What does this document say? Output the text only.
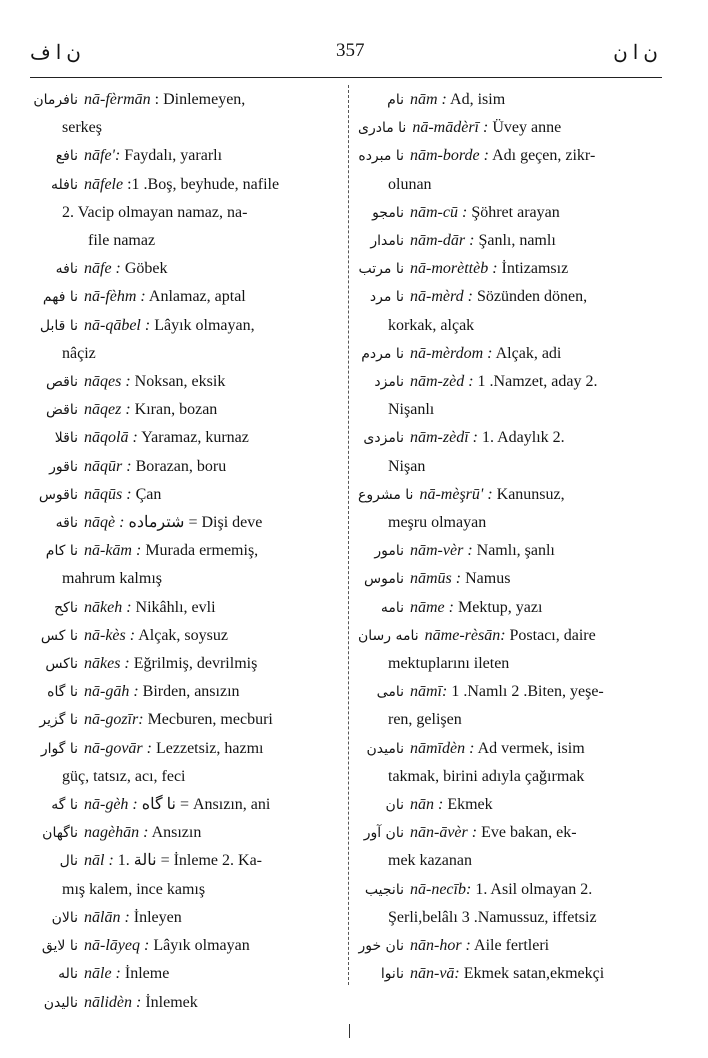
ن ا ف	357	ن ا ن
نافرمان nā-fèrmān : Dinlemeyen,
serkeş
نافع nāfe': Faydalı, yararlı
نافله nāfele :1 .Boş, beyhude, nafile
2. Vacip olmayan namaz, na-
file namaz
نافه nāfe : Göbek
نا فهم nā-fèhm : Anlamaz, aptal
نا قابل nā-qābel : Lâyık olmayan,
nâçiz
ناقص nāqes : Noksan, eksik
ناقض nāqez : Kıran, bozan
ناقلا nāqolā : Yaramaz, kurnaz
ناقور nāqūr : Borazan, boru
ناقوس nāqūs : Çan
ناقه nāqè : شترماده = Dişi deve
نا كام nā-kām : Murada ermemiş,
mahrum kalmış
ناكح nākeh : Nikâhlı, evli
نا كس nā-kès : Alçak, soysuz
ناكس nākes : Eğrilmiş, devrilmiş
نا گاه nā-gāh : Birden, ansızın
نا گزير nā-gozīr: Mecburen, mecburi
نا گوار nā-govār : Lezzetsiz, hazmı
güç, tatsız, acı, feci
نا گه nā-gèh : نا گاه = Ansızın, ani
ناگهان nagèhān : Ansızın
نال nāl : 1. نالة = İnleme 2. Ka-
mış kalem, ince kamış
نالان nālān : İnleyen
نا لايق nā-lāyeq : Lâyık olmayan
ناله nāle : İnleme
ناليدن nālidèn : İnlemek
نام nām : Ad, isim
نا مادرى nā-mādèrī : Üvey anne
نا مبرده nām-borde : Adı geçen, zikr-
olunan
نامجو nām-cū : Şöhret arayan
نامدار nām-dār : Şanlı, namlı
نا مرتب nā-morèttèb : İntizamsız
نا مرد nā-mèrd : Sözünden dönen,
korkak, alçak
نا مردم nā-mèrdom : Alçak, adi
نامزد nām-zèd : 1 .Namzet, aday 2.
Nişanlı
نامزدى nām-zèdī : 1. Adaylık 2.
Nişan
نا مشروع nā-mèşrū' : Kanunsuz,
meşru olmayan
نامور nām-vèr : Namlı, şanlı
ناموس nāmūs : Namus
نامه nāme : Mektup, yazı
نامه رسان nāme-rèsān: Postacı, daire
mektuplarını ileten
نامى nāmī: 1 .Namlı 2 .Biten, yeşe-
ren, gelişen
ناميدن nāmīdèn : Ad vermek, isim
takmak, birini adıyla çağırmak
نان nān : Ekmek
نان آور nān-āvèr : Eve bakan, ek-
mek kazanan
نانجيب nā-necīb: 1. Asil olmayan 2.
Şerli,belâlı 3 .Namussuz, iffetsiz
نان خور nān-hor : Aile fertleri
نانوا nān-vā: Ekmek satan,ekmekçi
